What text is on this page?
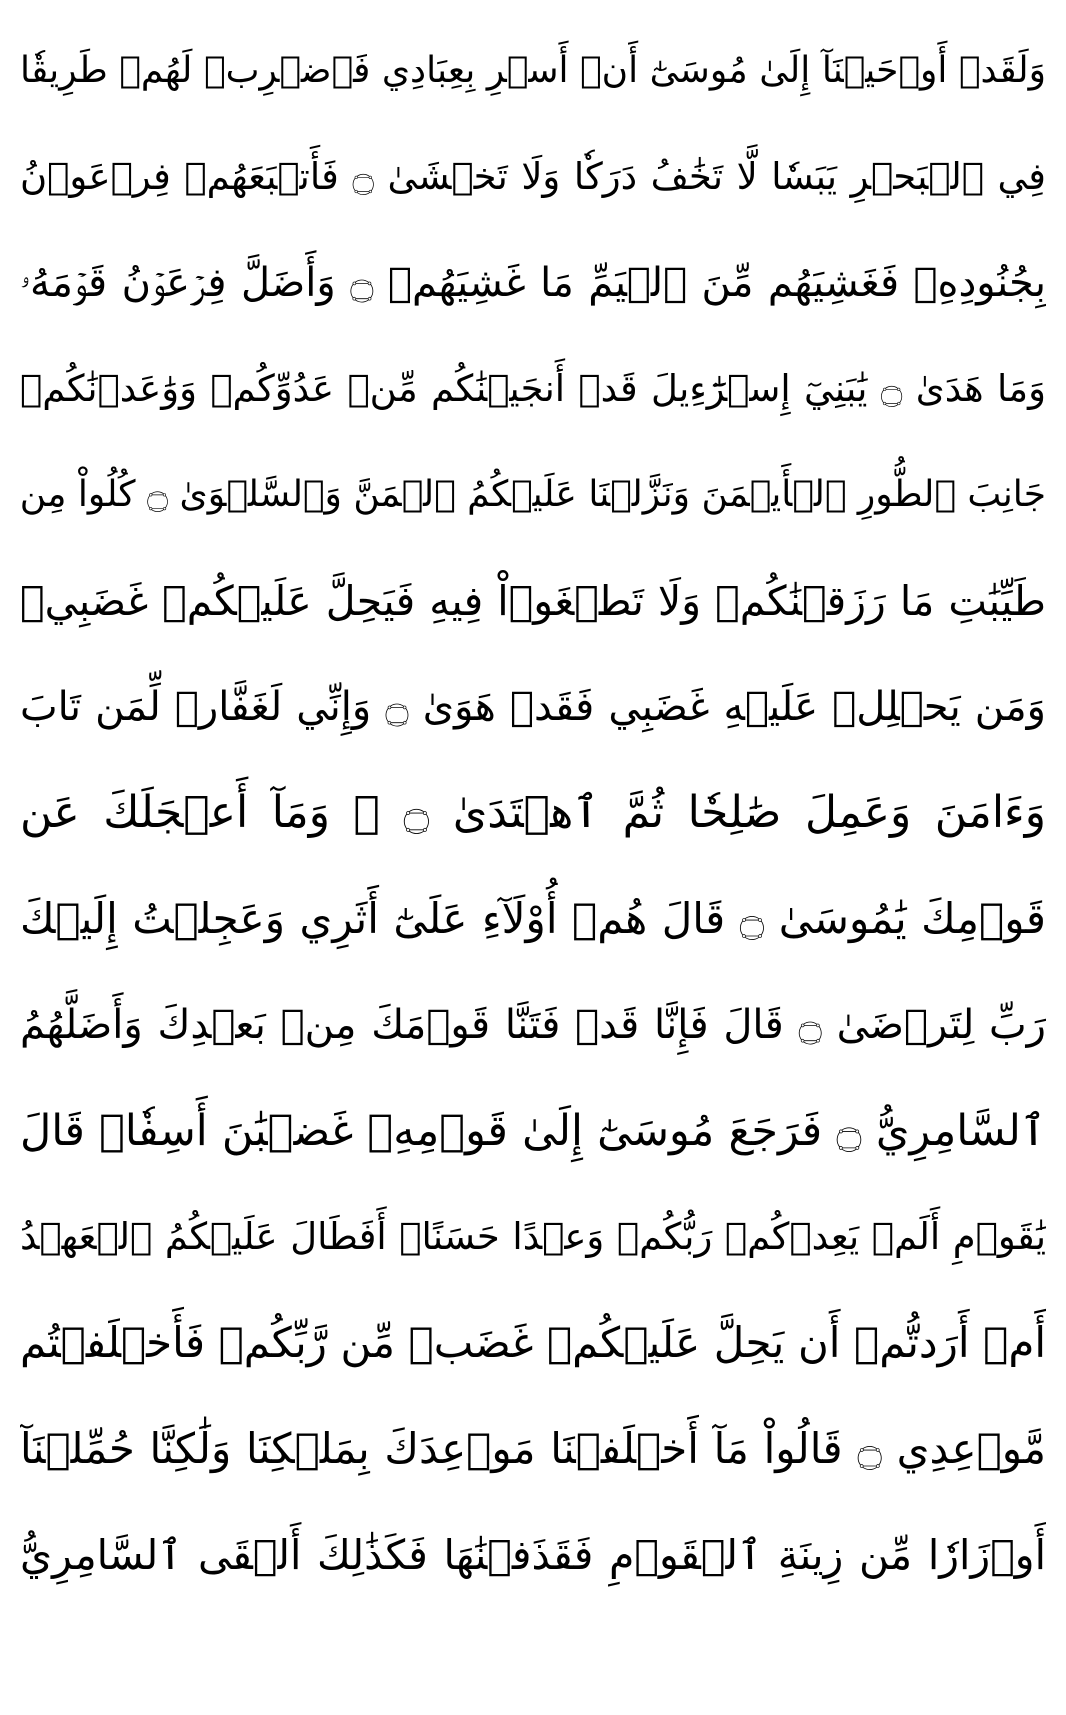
وَلَقَدۡ أَوۡحَيۡنَآ إِلَىٰ مُوسَىٰٓ أَنۡ أَسۡرِ بِعِبَادِي فَٱضۡرِبۡ لَهُمۡ طَرِيقٗا
فِي ٱلۡبَحۡرِ يَبَسٗا لَّا تَخَٰفُ دَرَكٗا وَلَا تَخۡشَىٰ ۝ فَأَتۡبَعَهُمۡ فِرۡعَوۡنُ
بِجُنُودِهِۦ فَغَشِيَهُم مِّنَ ٱلۡيَمِّ مَا غَشِيَهُمۡ ۝ وَأَضَلَّ فِرۡعَوۡنُ قَوۡمَهُۥ
وَمَا هَدَىٰ ۝ يَٰبَنِيٓ إِسۡرَٰٓءِيلَ قَدۡ أَنجَيۡنَٰكُم مِّنۡ عَدُوِّكُمۡ وَوَٰعَدۡنَٰكُمۡ
جَانِبَ ٱلطُّورِ ٱلۡأَيۡمَنَ وَنَزَّلۡنَا عَلَيۡكُمُ ٱلۡمَنَّ وَٱلسَّلۡوَىٰ ۝ كُلُواْ مِن
طَيِّبَٰتِ مَا رَزَقۡنَٰكُمۡ وَلَا تَطۡغَوۡاْ فِيهِ فَيَحِلَّ عَلَيۡكُمۡ غَضَبِيۖ
وَمَن يَحۡلِلۡ عَلَيۡهِ غَضَبِي فَقَدۡ هَوَىٰ ۝ وَإِنِّي لَغَفَّارٞ لِّمَن تَابَ
وَءَامَنَ وَعَمِلَ صَٰلِحٗا ثُمَّ ٱهۡتَدَىٰ ۝ ۞ وَمَآ أَعۡجَلَكَ عَن
قَوۡمِكَ يَٰمُوسَىٰ ۝ قَالَ هُمۡ أُوْلَآءِ عَلَىٰٓ أَثَرِي وَعَجِلۡتُ إِلَيۡكَ
رَبِّ لِتَرۡضَىٰ ۝ قَالَ فَإِنَّا قَدۡ فَتَنَّا قَوۡمَكَ مِنۢ بَعۡدِكَ وَأَضَلَّهُمُ
ٱلسَّامِرِيُّ ۝ فَرَجَعَ مُوسَىٰٓ إِلَىٰ قَوۡمِهِۦ غَضۡبَٰنَ أَسِفٗاۚ قَالَ
يَٰقَوۡمِ أَلَمۡ يَعِدۡكُمۡ رَبُّكُمۡ وَعۡدًا حَسَنًاۚ أَفَطَالَ عَلَيۡكُمُ ٱلۡعَهۡدُ
أَمۡ أَرَدتُّمۡ أَن يَحِلَّ عَلَيۡكُمۡ غَضَبٞ مِّن رَّبِّكُمۡ فَأَخۡلَفۡتُم
مَّوۡعِدِي ۝ قَالُواْ مَآ أَخۡلَفۡنَا مَوۡعِدَكَ بِمَلۡكِنَا وَلَٰكِنَّا حُمِّلۡنَآ
أَوۡزَارٗا مِّن زِينَةِ ٱلۡقَوۡمِ فَقَذَفۡنَٰهَا فَكَذَٰلِكَ أَلۡقَى ٱلسَّامِرِيُّ
